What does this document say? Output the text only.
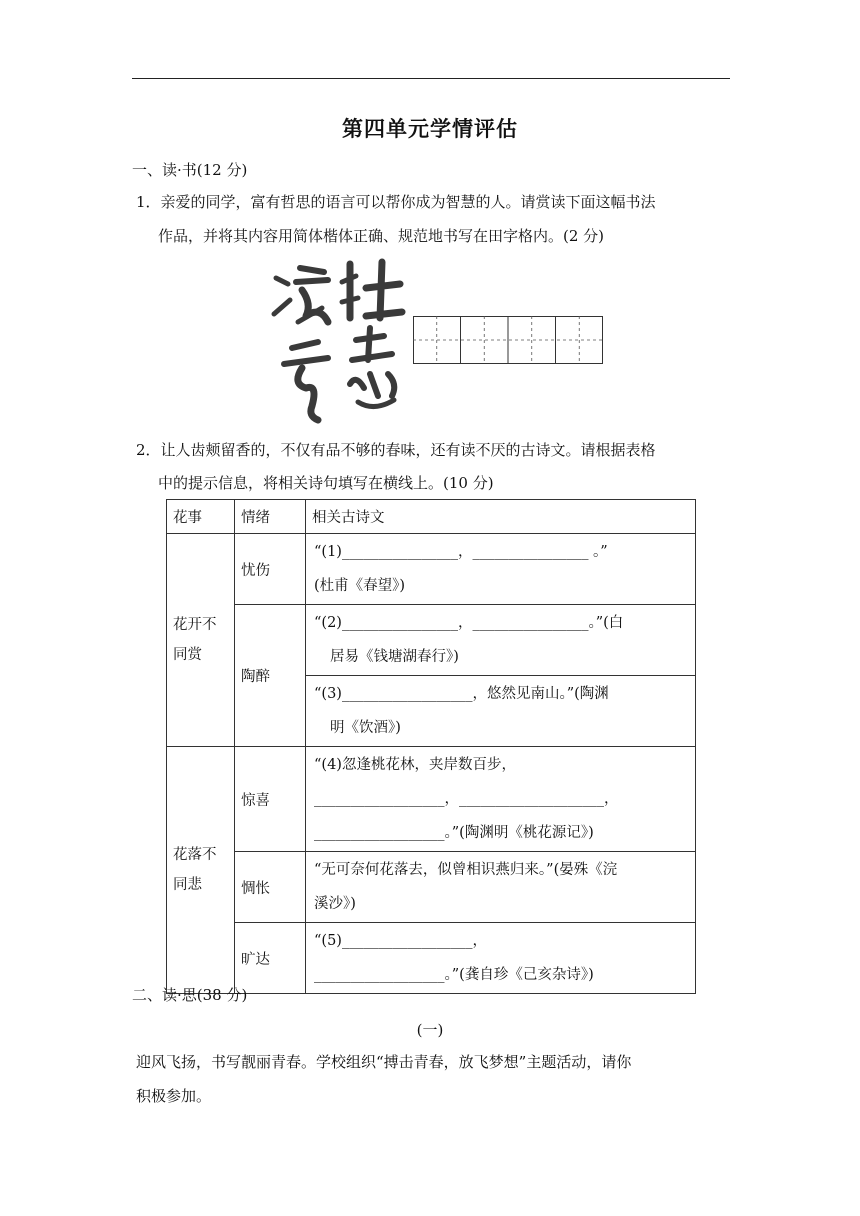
第四单元学情评估
一、读·书(12 分)
1．亲爱的同学，富有哲思的语言可以帮你成为智慧的人。请赏读下面这幅书法
作品，并将其内容用简体楷体正确、规范地书写在田字格内。(2 分)
2．让人齿颊留香的，不仅有品不够的春味，还有读不厌的古诗文。请根据表格
中的提示信息，将相关诗句填写在横线上。(10 分)
花事	情绪	相关古诗文

花开不同赏	忧伤	“(1)________________，________________ 。”
(杜甫《春望》)

	陶醉	“(2)________________，________________。”(白
居易《钱塘湖春行》)

		“(3)__________________，悠然见南山。”(陶渊
明《饮酒》)

花落不同悲	惊喜	“(4)忽逢桃花林，夹岸数百步，
__________________，____________________，
__________________。”(陶渊明《桃花源记》)

	惆怅	“无可奈何花落去，似曾相识燕归来。”(晏殊《浣
溪沙》)

	旷达	“(5)__________________，
__________________。”(龚自珍《己亥杂诗》)
二、读·思(38 分)
(一)
迎风飞扬，书写靓丽青春。学校组织“搏击青春，放飞梦想”主题活动，请你
积极参加。
